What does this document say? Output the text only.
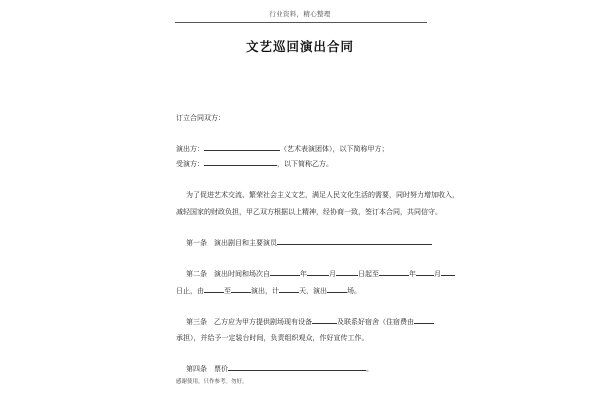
行业资料，精心整理
文艺巡回演出合同
订立合同双方：
演出方：	（艺术表演团体），以下简称甲方；
受演方：	，以下简称乙方。
为了促进艺术交流、繁荣社会主义文艺，满足人民文化生活的需要，同时努力增加收入，
减轻国家的财政负担，甲乙双方根据以上精神，经协商一致，签订本合同，共同信守。
第一条　演出剧目和主要演员
第二条　演出时间和场次自	年	月	日起至	年	月
日止，由	至	演出，计	天，演出	场。
第三条　乙方应为甲方提供剧场现有设备	及联系好宿舍（住宿费由
承担），并给予一定装台时间，负责组织观众，作好宣传工作。
第四条　票价	。
感谢使用，只作参考。勿好。
